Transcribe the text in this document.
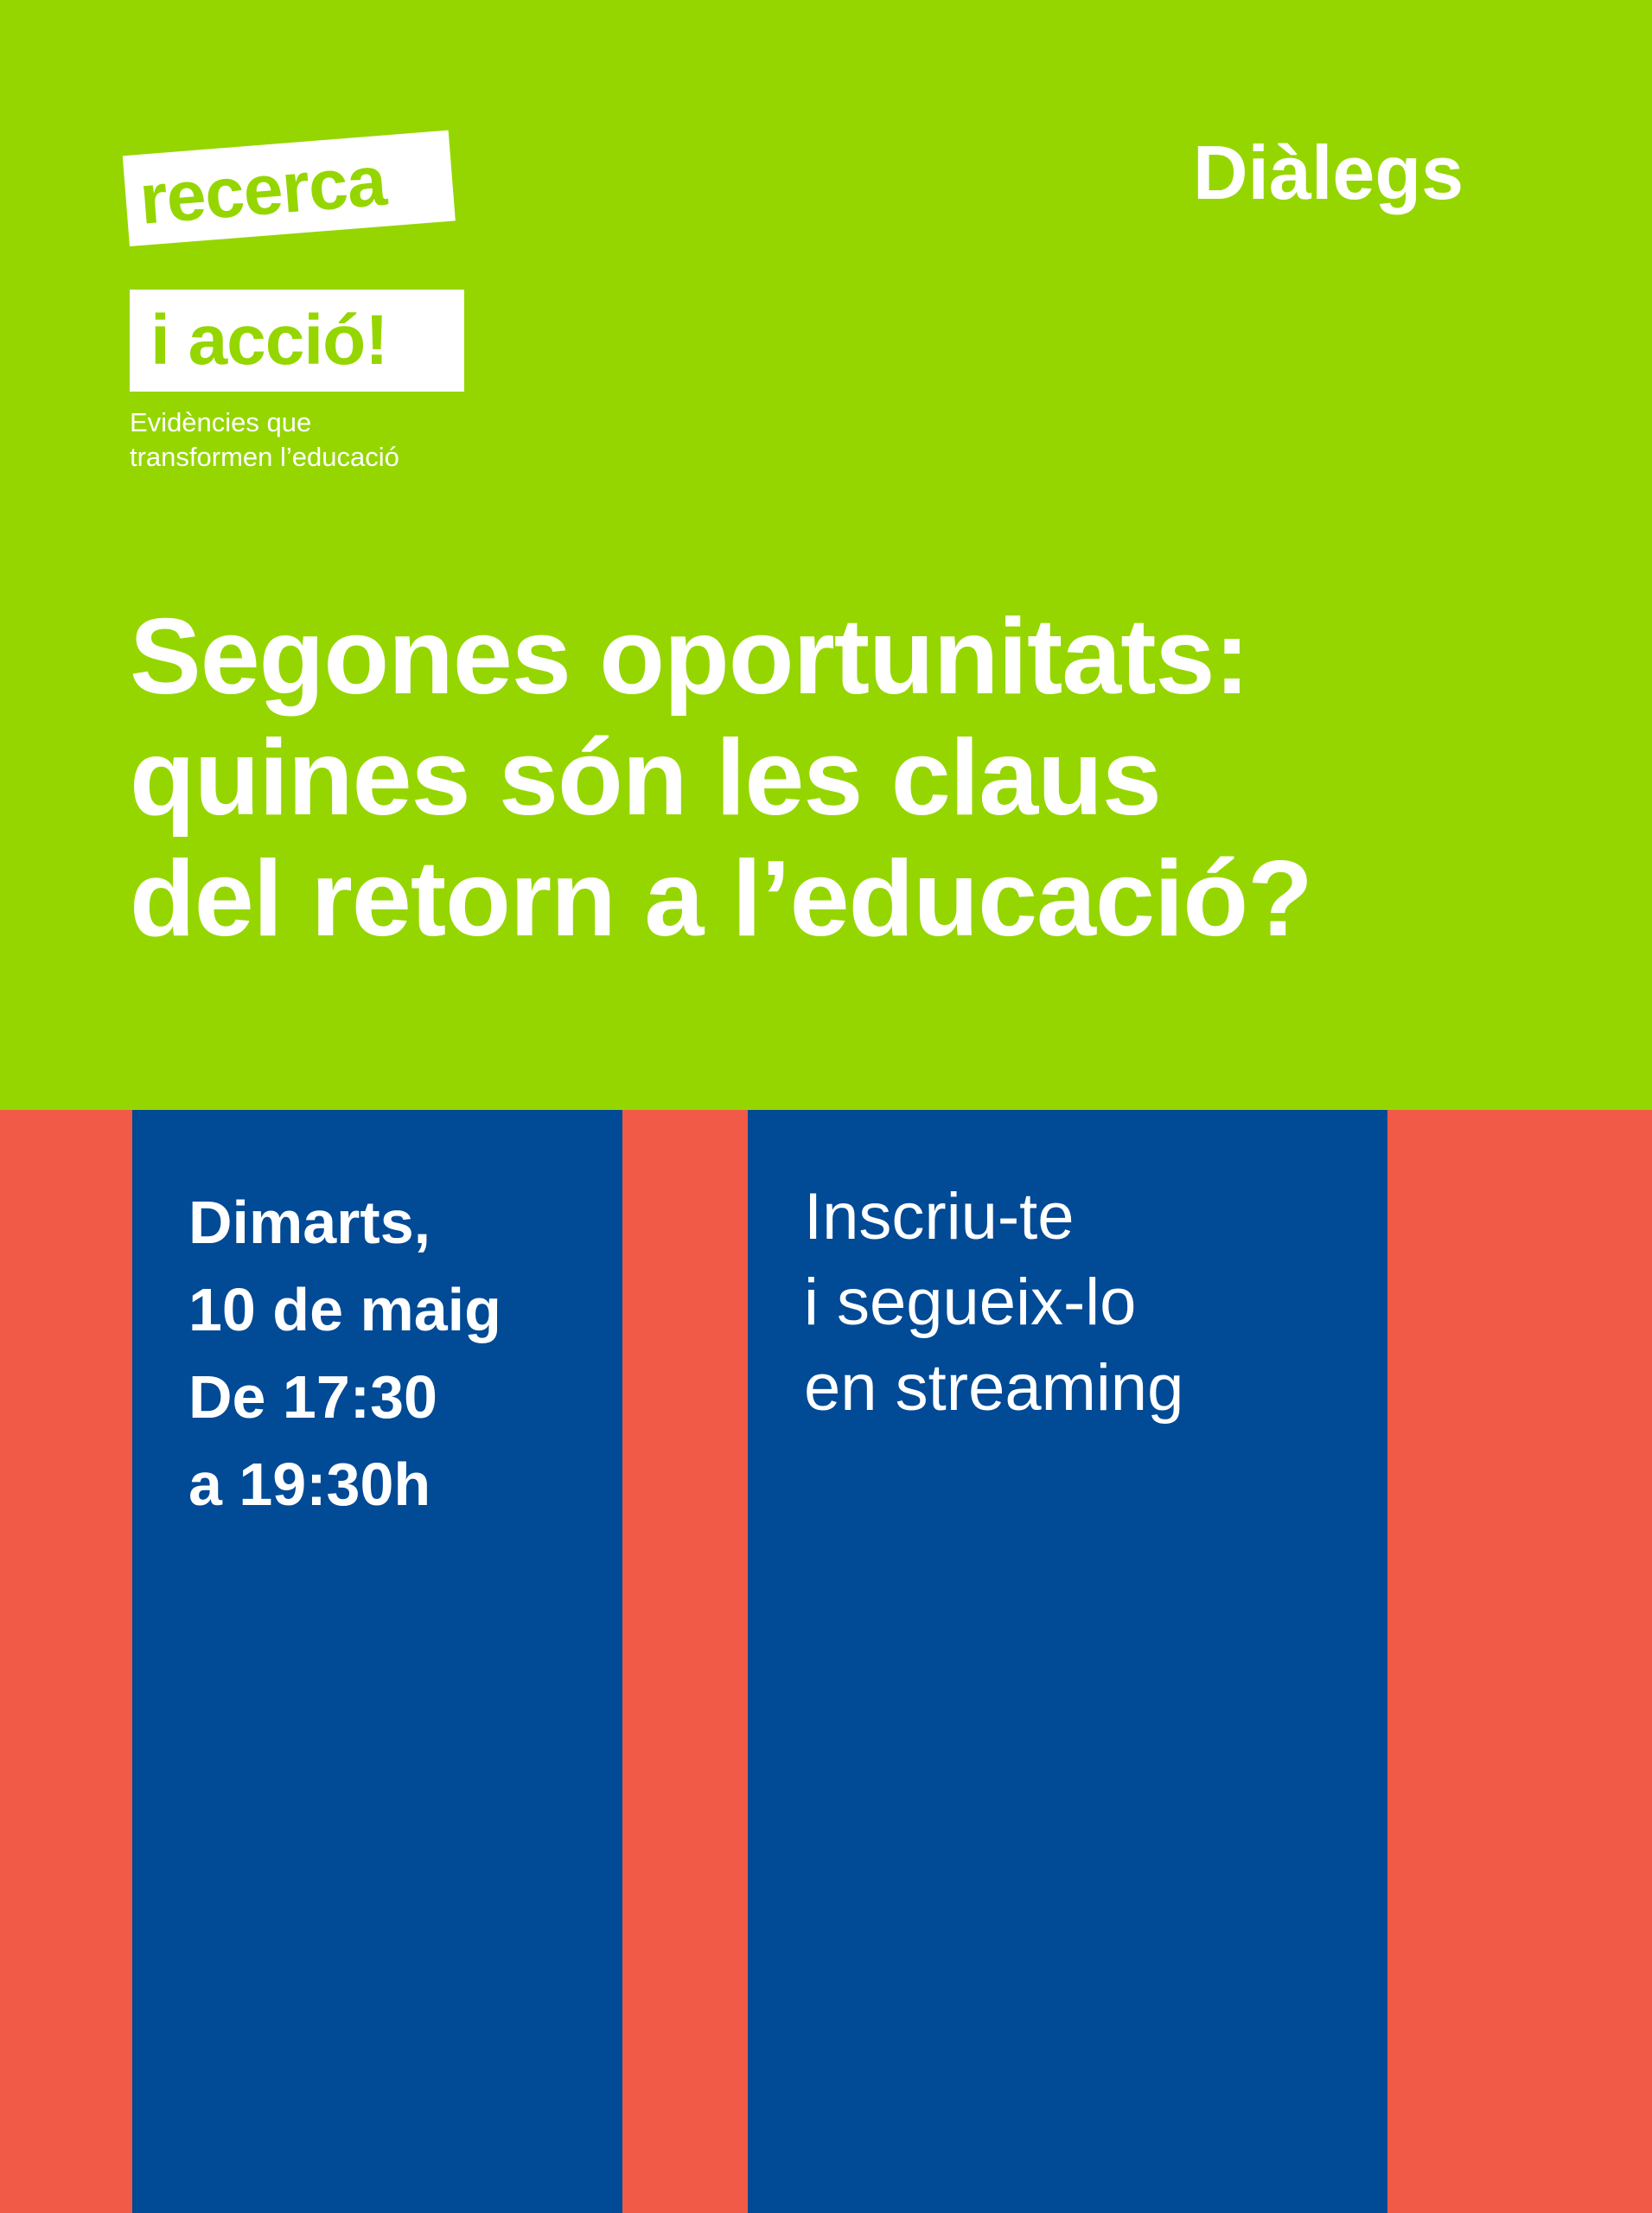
recerca
i acció!
Evidències que
transformen l’educació
Diàlegs
Segones oportunitats:
quines són les claus
del retorn a l’educació?
Dimarts,
10 de maig
De 17:30
a 19:30h
Inscriu-te
i segueix-lo
en streaming
